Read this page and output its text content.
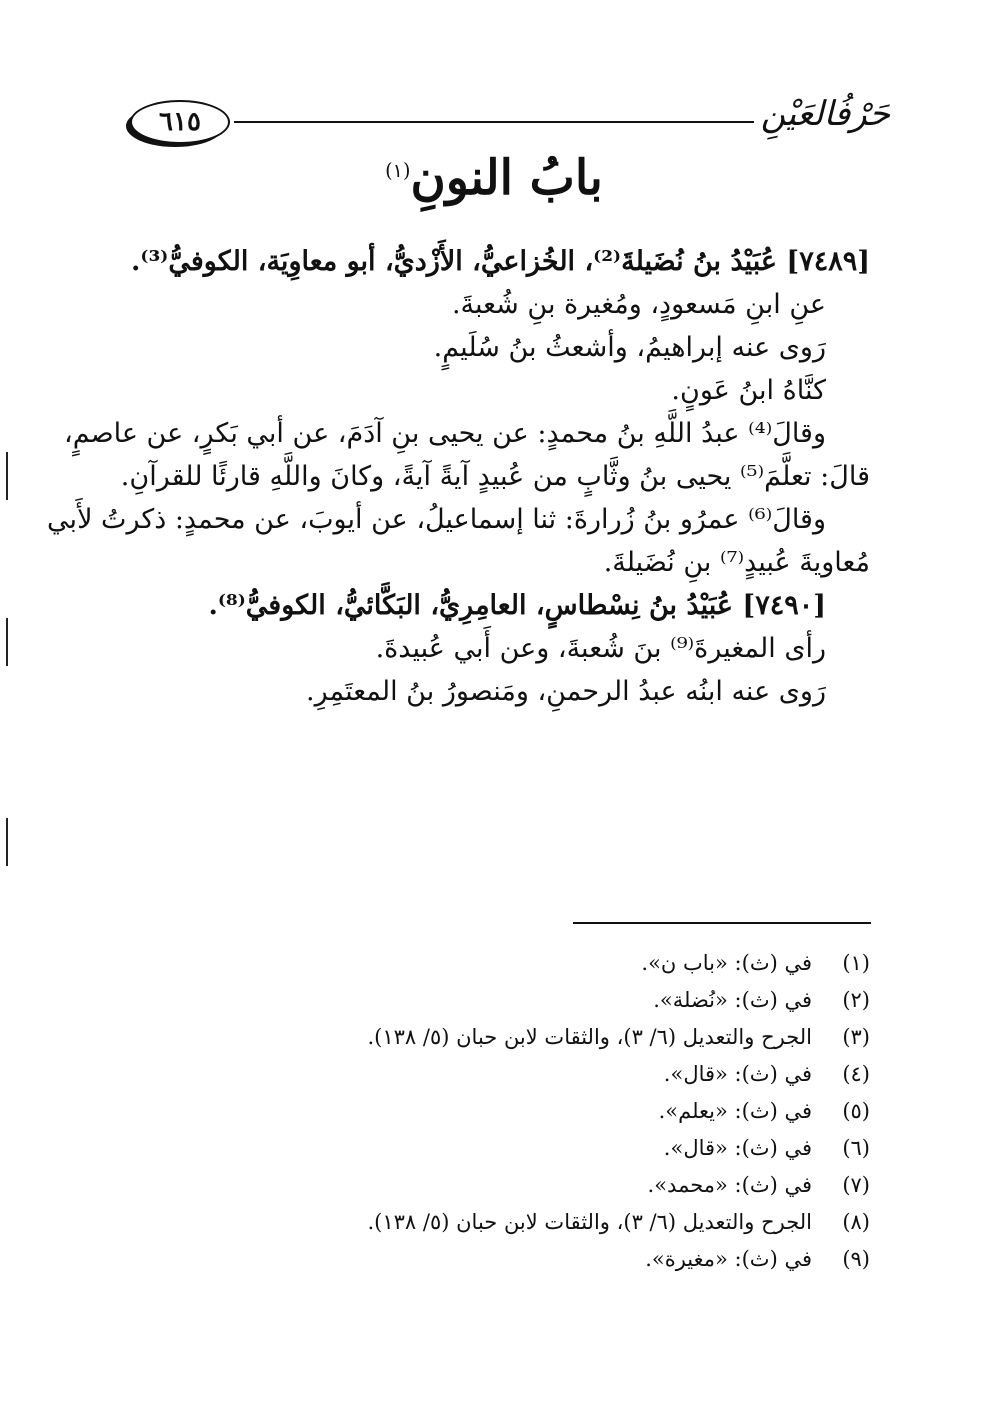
حَرْفُالعَيْنِ
٦١٥
بابُ النونِ$^{(١)}$
[٧٤٨٩] عُبَيْدُ بنُ نُضَيلةَ⁽²⁾، الخُزاعيُّ، الأَزْديُّ، أبو معاوِيَة، الكوفيُّ⁽³⁾.
عنِ ابنِ مَسعودٍ، ومُغيرة بنِ شُعبةَ.
رَوى عنه إبراهيمُ، وأشعثُ بنُ سُلَيمٍ.
كنَّاهُ ابنُ عَونٍ.
وقالَ⁽⁴⁾ عبدُ اللَّهِ بنُ محمدٍ: عن يحيى بنِ آدَمَ، عن أبي بَكرٍ، عن عاصمٍ،
قالَ: تعلَّمَ⁽⁵⁾ يحيى بنُ وثَّابٍ من عُبيدٍ آيةً آيةً، وكانَ واللَّهِ قارئًا للقرآنِ.
وقالَ⁽⁶⁾ عمرُو بنُ زُرارةَ: ثنا إسماعيلُ، عن أيوبَ، عن محمدٍ: ذكرتُ لأَبي
مُعاويةَ عُبيدٍ⁽⁷⁾ بنِ نُضَيلةَ.
[٧٤٩٠] عُبَيْدُ بنُ نِسْطاسٍ، العامِرِيُّ، البَكَّائيُّ، الكوفيُّ⁽⁸⁾.
رأى المغيرةَ⁽⁹⁾ بنَ شُعبةَ، وعن أَبي عُبيدةَ.
رَوى عنه ابنُه عبدُ الرحمنِ، ومَنصورُ بنُ المعتَمِرِ.
(١)في (ث): «باب ن».
(٢)في (ث): «نُضلة».
(٣)الجرح والتعديل (٦/ ٣)، والثقات لابن حبان (٥/ ١٣٨).
(٤)في (ث): «قال».
(٥)في (ث): «يعلم».
(٦)في (ث): «قال».
(٧)في (ث): «محمد».
(٨)الجرح والتعديل (٦/ ٣)، والثقات لابن حبان (٥/ ١٣٨).
(٩)في (ث): «مغيرة».
